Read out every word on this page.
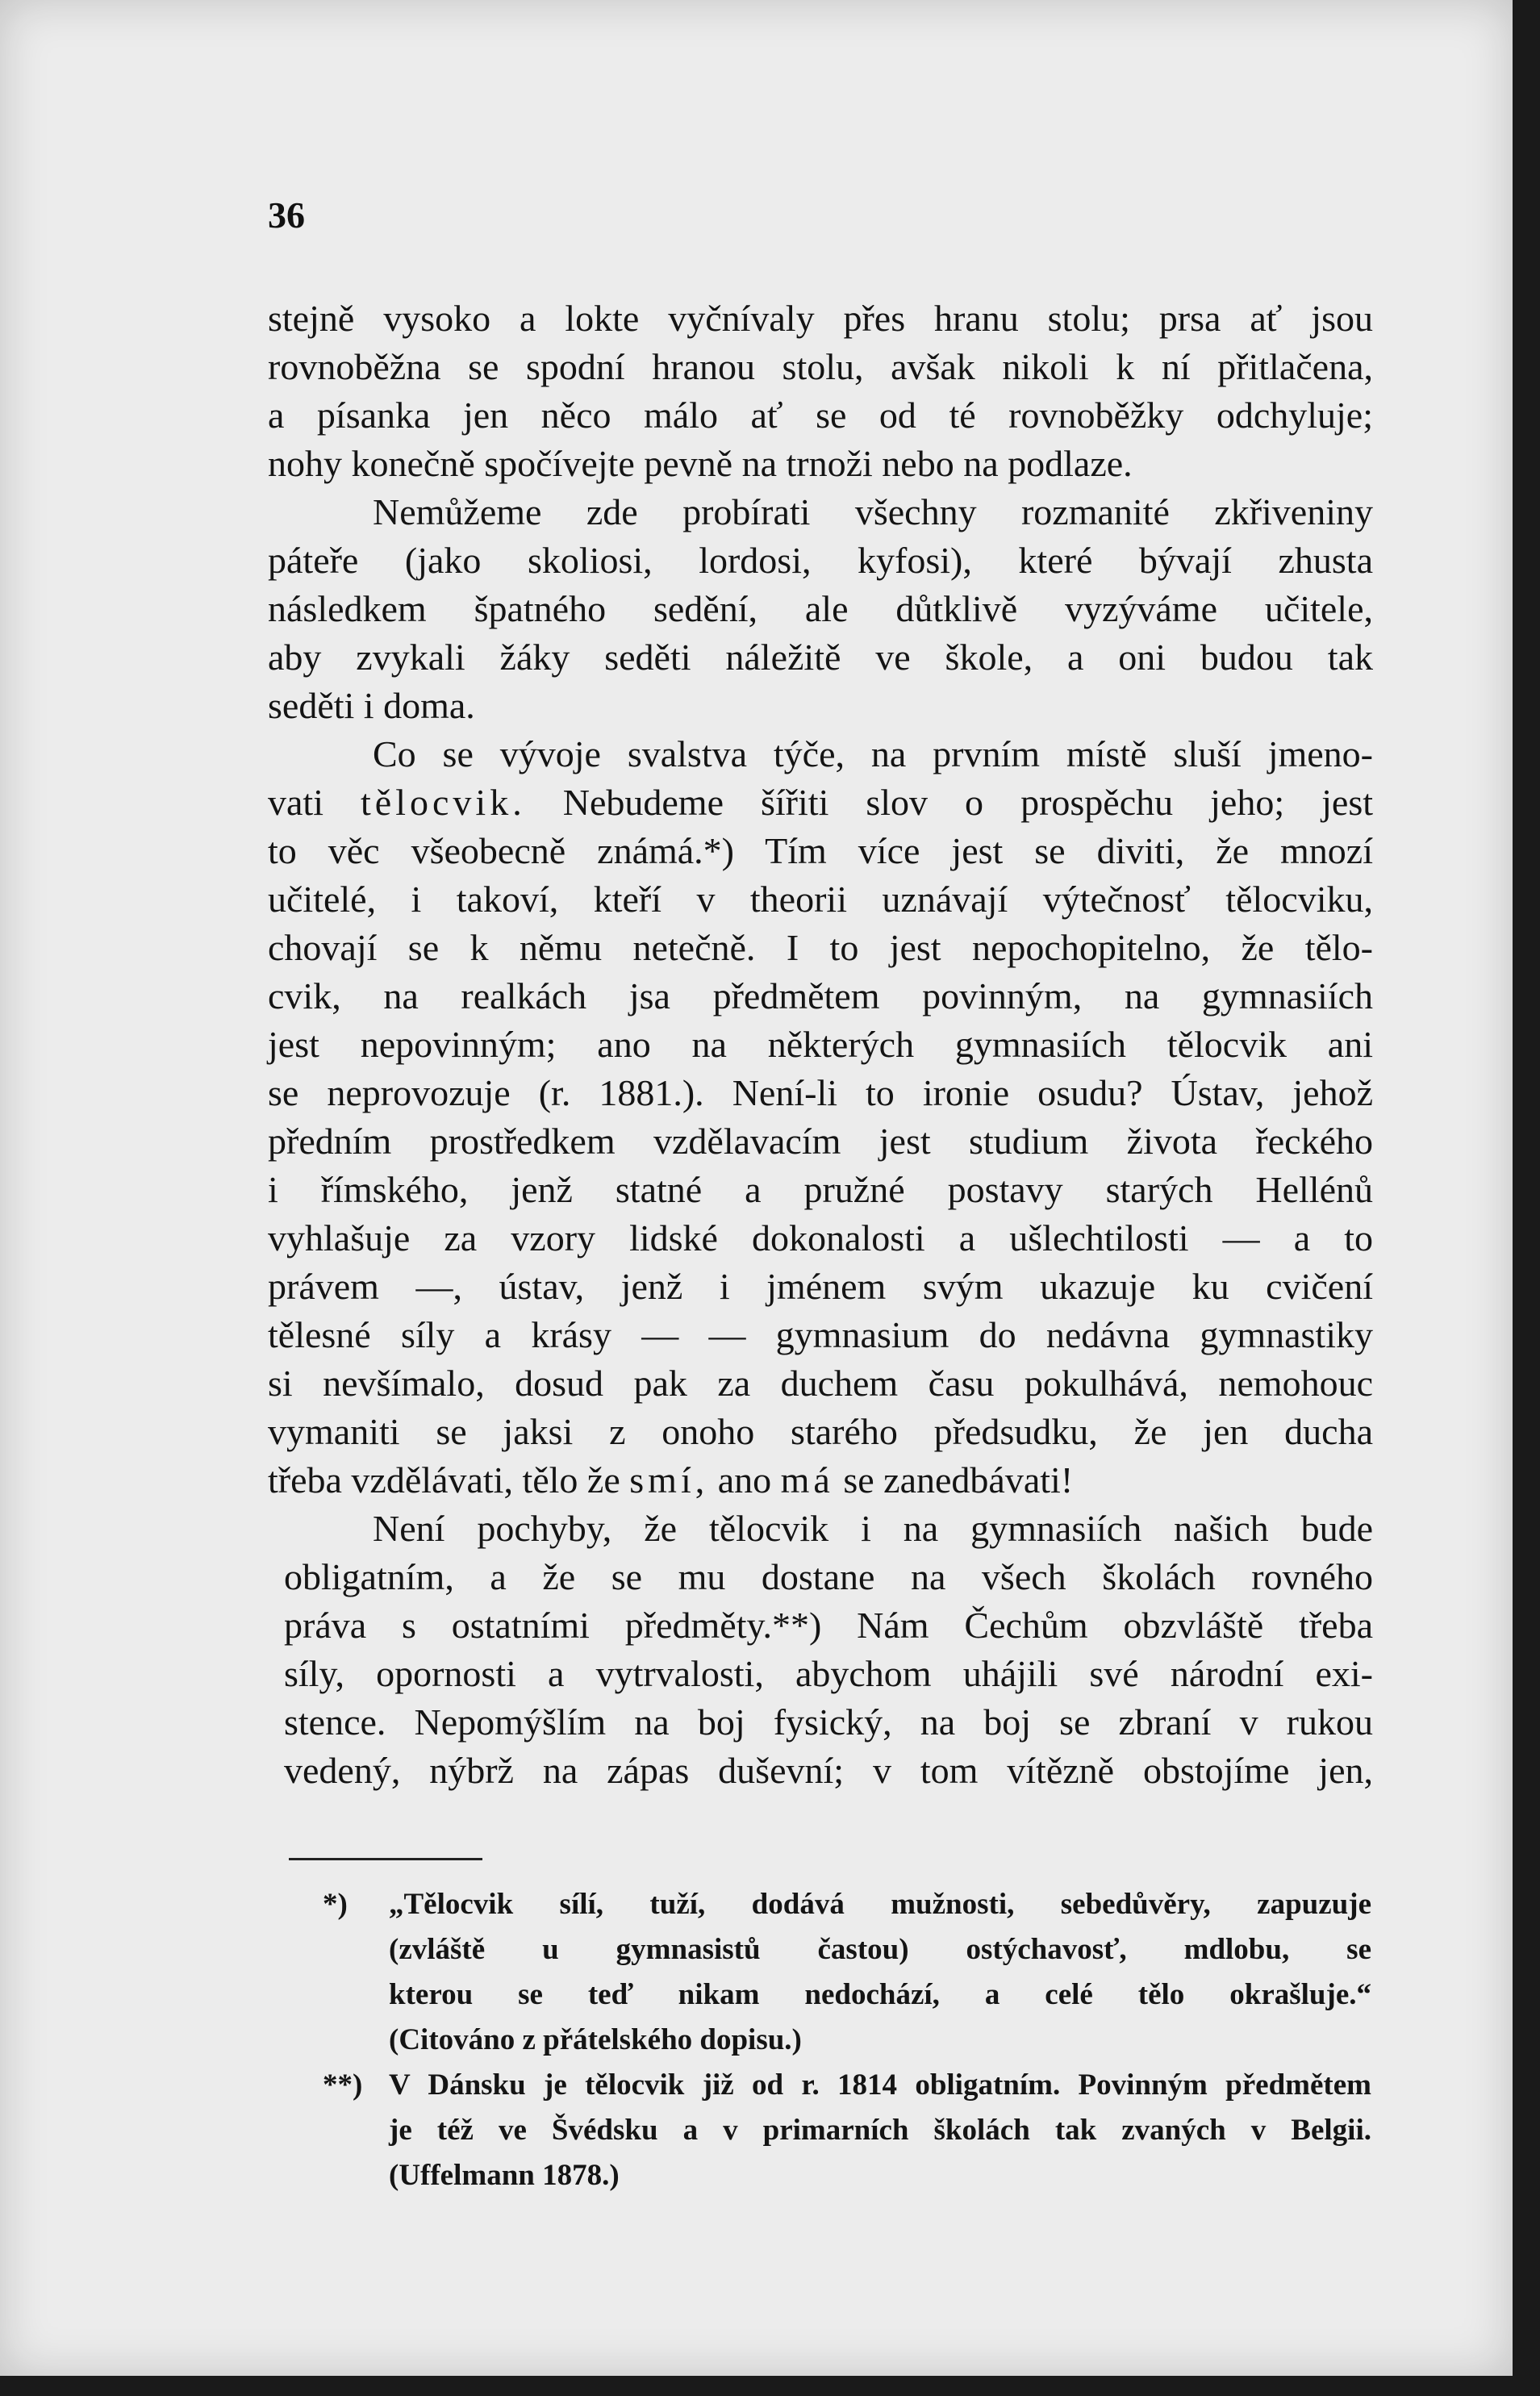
36
stejně vysoko a lokte vyčnívaly přes hranu stolu; prsa ať jsou
rovnoběžna se spodní hranou stolu, avšak nikoli k ní přitlačena,
a písanka jen něco málo ať se od té rovnoběžky odchyluje;
nohy konečně spočívejte pevně na trnoži nebo na podlaze.
Nemůžeme zde probírati všechny rozmanité zkřiveniny
páteře (jako skoliosi, lordosi, kyfosi), které bývají zhusta
následkem špatného sedění, ale důtklivě vyzýváme učitele,
aby zvykali žáky seděti náležitě ve škole, a oni budou tak
seděti i doma.
Co se vývoje svalstva týče, na prvním místě sluší jmeno-
vati tělocvik. Nebudeme šířiti slov o prospěchu jeho; jest
to věc všeobecně známá.*) Tím více jest se diviti, že mnozí
učitelé, i takoví, kteří v theorii uznávají výtečnosť tělocviku,
chovají se k němu netečně. I to jest nepochopitelno, že tělo-
cvik, na realkách jsa předmětem povinným, na gymnasiích
jest nepovinným; ano na některých gymnasiích tělocvik ani
se neprovozuje (r. 1881.). Není-li to ironie osudu? Ústav, jehož
předním prostředkem vzdělavacím jest studium života řeckého
i římského, jenž statné a pružné postavy starých Hellénů
vyhlašuje za vzory lidské dokonalosti a ušlechtilosti — a to
právem —, ústav, jenž i jménem svým ukazuje ku cvičení
tělesné síly a krásy — — gymnasium do nedávna gymnastiky
si nevšímalo, dosud pak za duchem času pokulhává, nemohouc
vymaniti se jaksi z onoho starého předsudku, že jen ducha
třeba vzdělávati, tělo že smí, ano má se zanedbávati!
Není pochyby, že tělocvik i na gymnasiích našich bude
obligatním, a že se mu dostane na všech školách rovného
práva s ostatními předměty.**) Nám Čechům obzvláště třeba
síly, opornosti a vytrvalosti, abychom uhájili své národní exi-
stence. Nepomýšlím na boj fysický, na boj se zbraní v rukou
vedený, nýbrž na zápas duševní; v tom vítězně obstojíme jen,
*) „Tělocvik sílí, tuží, dodává mužnosti, sebedůvěry, zapuzuje
(zvláště u gymnasistů častou) ostýchavosť, mdlobu, se
kterou se teď nikam nedochází, a celé tělo okrašluje.“
(Citováno z přátelského dopisu.)
**) V Dánsku je tělocvik již od r. 1814 obligatním. Povinným předmětem
je též ve Švédsku a v primarních školách tak zvaných v Belgii.
(Uffelmann 1878.)
